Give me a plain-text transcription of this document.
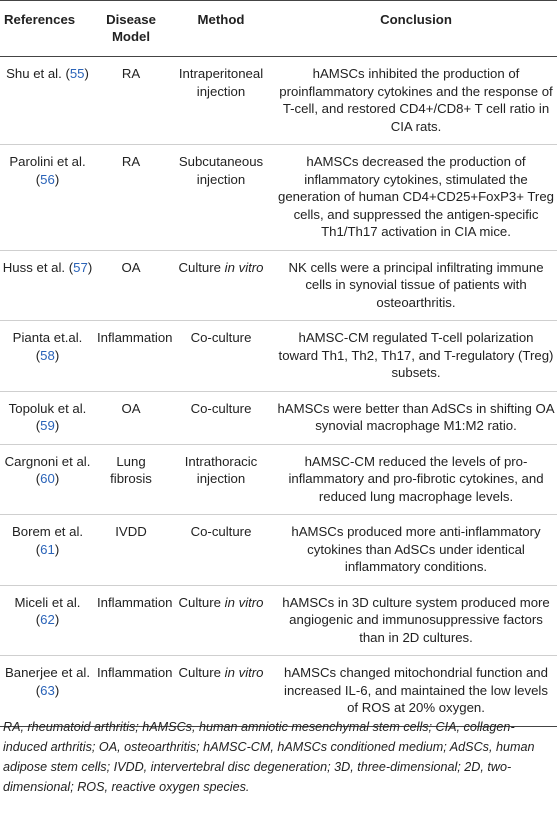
References	Disease Model	Method	Conclusion
Shu et al. (55)	RA	Intraperitoneal injection	hAMSCs inhibited the production of proinflammatory cytokines and the response of T-cell, and restored CD4+/CD8+ T cell ratio in CIA rats.
Parolini et al. (56)	RA	Subcutaneous injection	hAMSCs decreased the production of inflammatory cytokines, stimulated the generation of human CD4+CD25+FoxP3+ Treg cells, and suppressed the antigen-specific Th1/Th17 activation in CIA mice.
Huss et al. (57)	OA	Culture in vitro	NK cells were a principal infiltrating immune cells in synovial tissue of patients with osteoarthritis.
Pianta et.al. (58)	Inflammation	Co-culture	hAMSC-CM regulated T-cell polarization toward Th1, Th2, Th17, and T-regulatory (Treg) subsets.
Topoluk et al. (59)	OA	Co-culture	hAMSCs were better than AdSCs in shifting OA synovial macrophage M1:M2 ratio.
Cargnoni et al. (60)	Lung fibrosis	Intrathoracic injection	hAMSC-CM reduced the levels of pro-inflammatory and pro-fibrotic cytokines, and reduced lung macrophage levels.
Borem et al. (61)	IVDD	Co-culture	hAMSCs produced more anti-inflammatory cytokines than AdSCs under identical inflammatory conditions.
Miceli et al. (62)	Inflammation	Culture in vitro	hAMSCs in 3D culture system produced more angiogenic and immunosuppressive factors than in 2D cultures.
Banerjee et al. (63)	Inflammation	Culture in vitro	hAMSCs changed mitochondrial function and increased IL-6, and maintained the low levels of ROS at 20% oxygen.
RA, rheumatoid arthritis; hAMSCs, human amniotic mesenchymal stem cells; CIA, collagen-induced arthritis; OA, osteoarthritis; hAMSC-CM, hAMSCs conditioned medium; AdSCs, human adipose stem cells; IVDD, intervertebral disc degeneration; 3D, three-dimensional; 2D, two-dimensional; ROS, reactive oxygen species.
